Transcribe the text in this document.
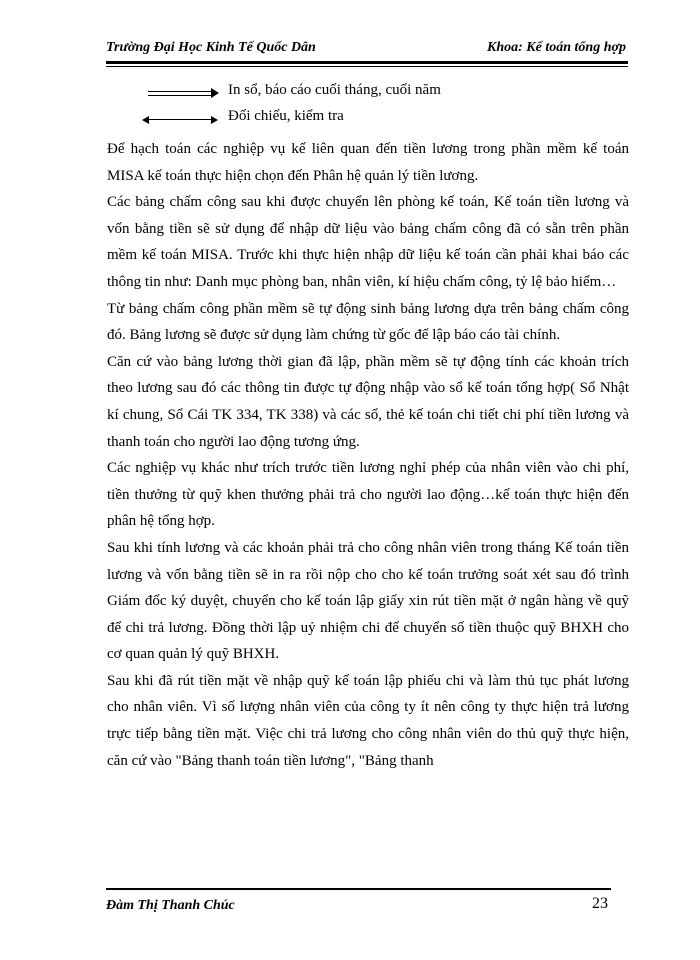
Trường Đại Học Kinh Tế Quốc Dân	Khoa: Kế toán tổng hợp
In sổ, báo cáo cuối tháng, cuối năm
Đối chiếu, kiểm tra

Để hạch toán các nghiệp vụ kế liên quan đến tiền lương trong phần mềm kế toán MISA kế toán thực hiện chọn đến Phân hệ quản lý tiền lương.

Các bảng chấm công sau khi được chuyển lên phòng kế toán, Kế toán tiền lương và vốn bằng tiền sẽ sử dụng để nhập dữ liệu vào bảng chấm công đã có sẵn trên phần mềm kế toán MISA. Trước khi thực hiện nhập dữ liệu kế toán cần phải khai báo các thông tin như: Danh mục phòng ban, nhân viên, kí hiệu chấm công, tỷ lệ bảo hiểm…

Từ bảng chấm công phần mềm sẽ tự động sinh bảng lương dựa trên bảng chấm công đó. Bảng lương sẽ được sử dụng làm chứng từ gốc để lập báo cáo tài chính.

Căn cứ vào bảng lương thời gian đã lập, phần mềm sẽ tự động tính các khoản trích theo lương sau đó các thông tin được tự động nhập vào sổ kế toán tổng hợp( Sổ Nhật kí chung, Sổ Cái TK 334, TK 338) và các sổ, thẻ kế toán chi tiết chi phí tiền lương và thanh toán cho người lao động tương ứng.

Các nghiệp vụ khác như trích trước tiền lương nghỉ phép của nhân viên vào chi phí, tiền thưởng từ quỹ khen thưởng phải trả cho người lao động…kế toán thực hiện đến phân hệ tổng hợp.

Sau khi tính lương và các khoản phải trả cho công nhân viên trong tháng Kế toán tiền lương và vốn bằng tiền sẽ in ra rồi nộp cho cho kế toán trưởng soát xét sau đó trình Giám đốc ký duyệt, chuyển cho kế toán lập giấy xin rút tiền mặt ở ngân hàng về quỹ để chi trả lương. Đồng thời lập uỷ nhiệm chi để chuyển số tiền thuộc quỹ BHXH cho cơ quan quản lý quỹ BHXH.

Sau khi đã rút tiền mặt về nhập quỹ kế toán lập phiếu chi và làm thủ tục phát lương cho nhân viên. Vì số lượng nhân viên của công ty ít nên công ty thực hiện trả lương trực tiếp bằng tiền mặt. Việc chi trả lương cho công nhân viên do thủ quỹ thực hiện, căn cứ vào "Bảng thanh toán tiền lương", "Bảng thanh

Đàm Thị Thanh Chúc	23
